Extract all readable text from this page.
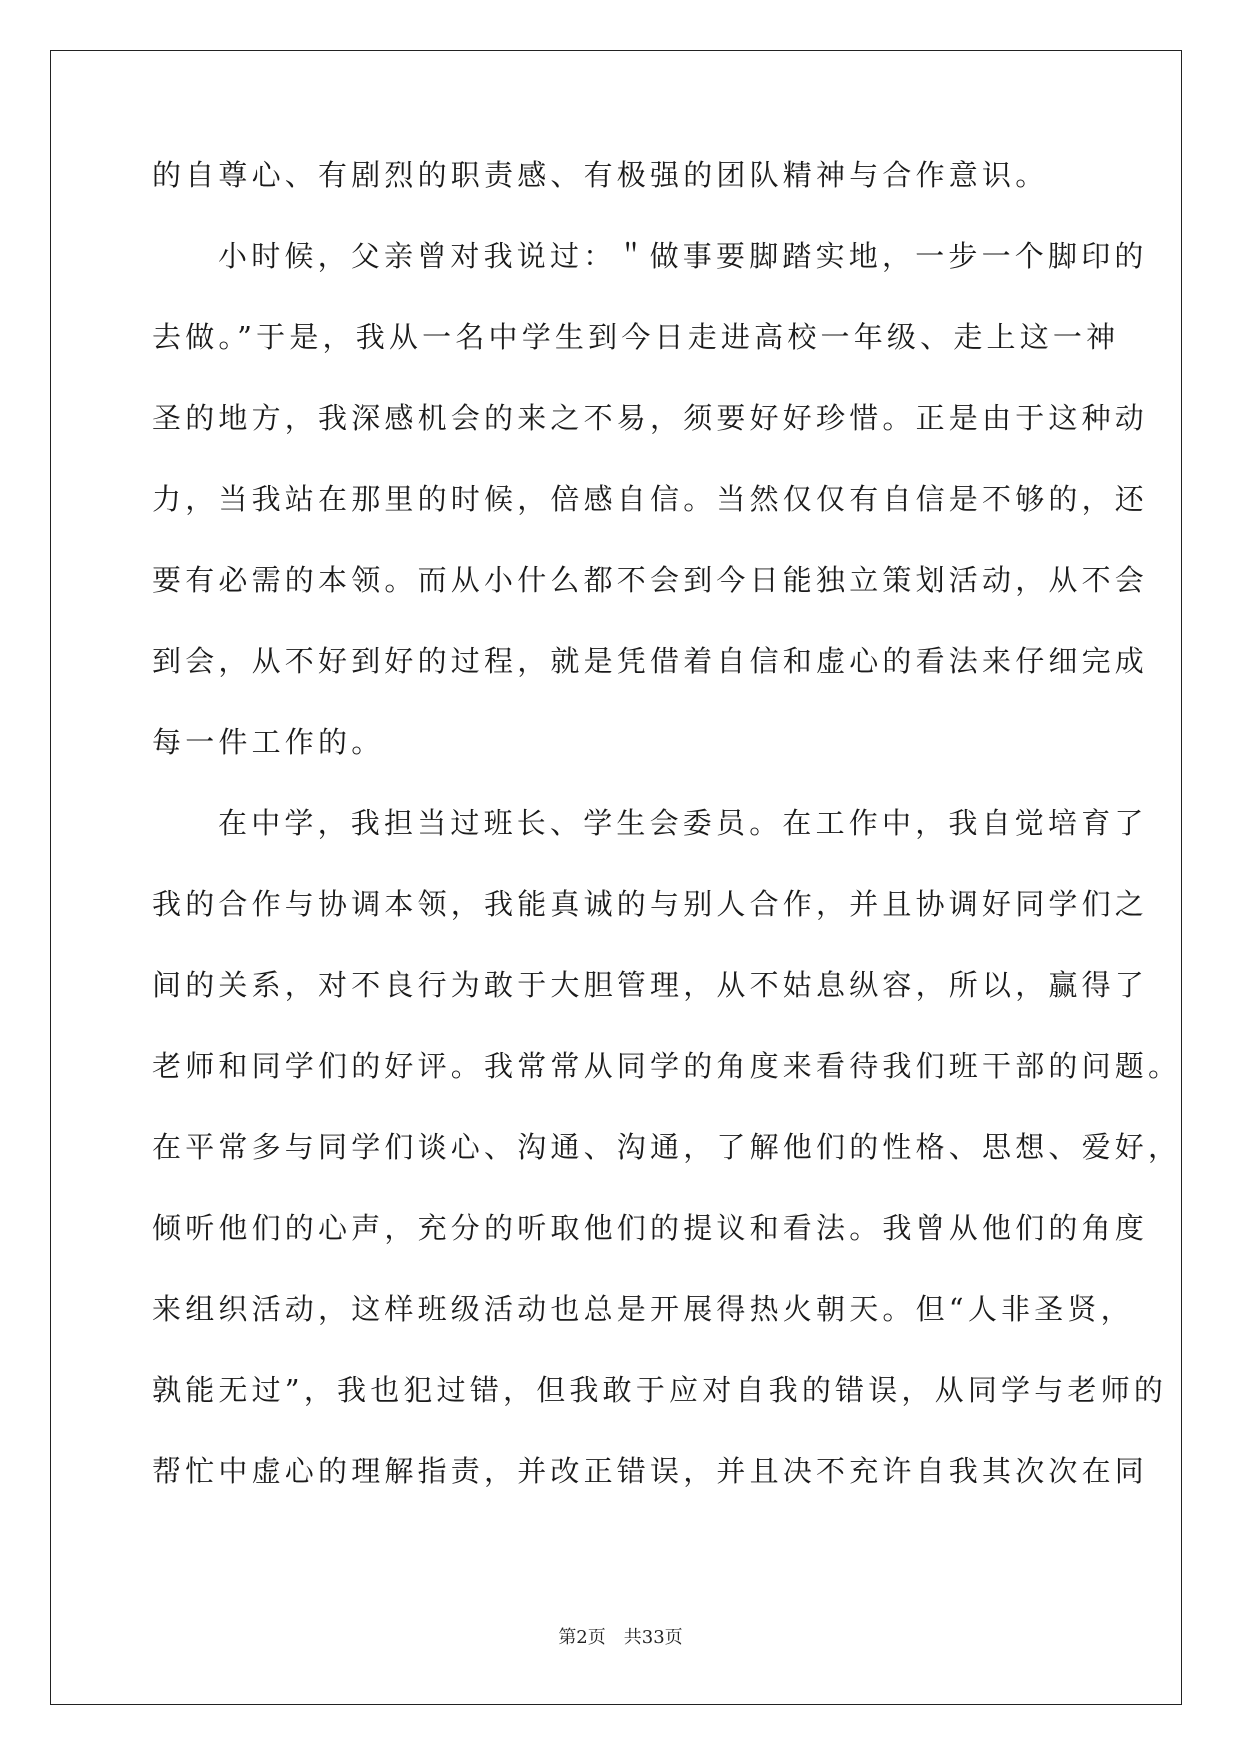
的自尊心、有剧烈的职责感、有极强的团队精神与合作意识。
小时候，父亲曾对我说过：＂做事要脚踏实地，一步一个脚印的
去做。”于是，我从一名中学生到今日走进高校一年级、走上这一神
圣的地方，我深感机会的来之不易，须要好好珍惜。正是由于这种动
力，当我站在那里的时候，倍感自信。当然仅仅有自信是不够的，还
要有必需的本领。而从小什么都不会到今日能独立策划活动，从不会
到会，从不好到好的过程，就是凭借着自信和虚心的看法来仔细完成
每一件工作的。
在中学，我担当过班长、学生会委员。在工作中，我自觉培育了
我的合作与协调本领，我能真诚的与别人合作，并且协调好同学们之
间的关系，对不良行为敢于大胆管理，从不姑息纵容，所以，赢得了
老师和同学们的好评。我常常从同学的角度来看待我们班干部的问题。
在平常多与同学们谈心、沟通、沟通，了解他们的性格、思想、爱好，
倾听他们的心声，充分的听取他们的提议和看法。我曾从他们的角度
来组织活动，这样班级活动也总是开展得热火朝天。但“人非圣贤，
孰能无过”，我也犯过错，但我敢于应对自我的错误，从同学与老师的
帮忙中虚心的理解指责，并改正错误，并且决不充许自我其次次在同
第2页 共33页
